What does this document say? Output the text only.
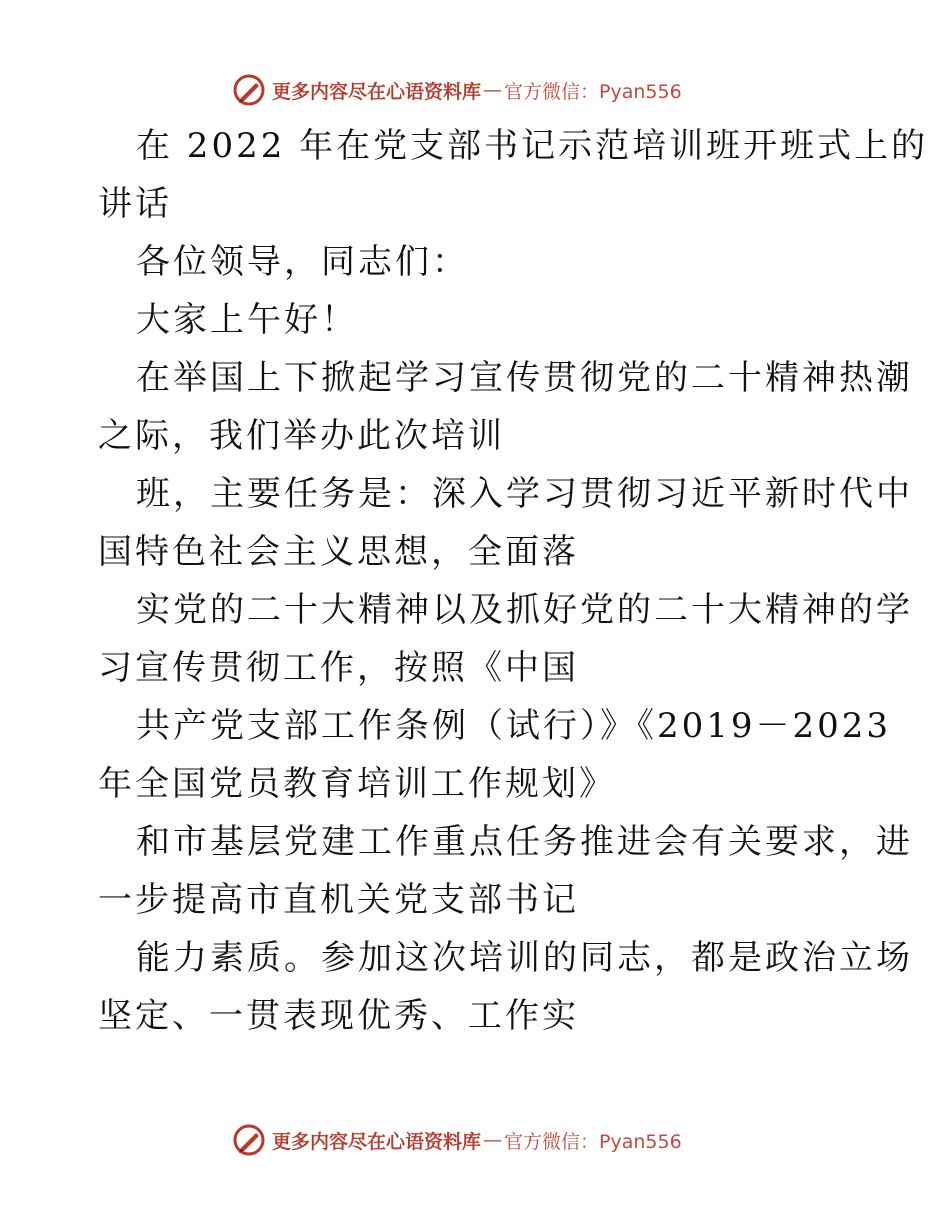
更多内容尽在心语资料库 — 官方微信：Pyan556
在 2022 年在党支部书记示范培训班开班式上的
讲话
各位领导，同志们：
大家上午好！
在举国上下掀起学习宣传贯彻党的二十精神热潮
之际，我们举办此次培训
班，主要任务是：深入学习贯彻习近平新时代中
国特色社会主义思想，全面落
实党的二十大精神以及抓好党的二十大精神的学
习宣传贯彻工作，按照《中国
共产党支部工作条例（试行）》《2019－2023
年全国党员教育培训工作规划》
和市基层党建工作重点任务推进会有关要求，进
一步提高市直机关党支部书记
能力素质。参加这次培训的同志，都是政治立场
坚定、一贯表现优秀、工作实
更多内容尽在心语资料库 — 官方微信：Pyan556
